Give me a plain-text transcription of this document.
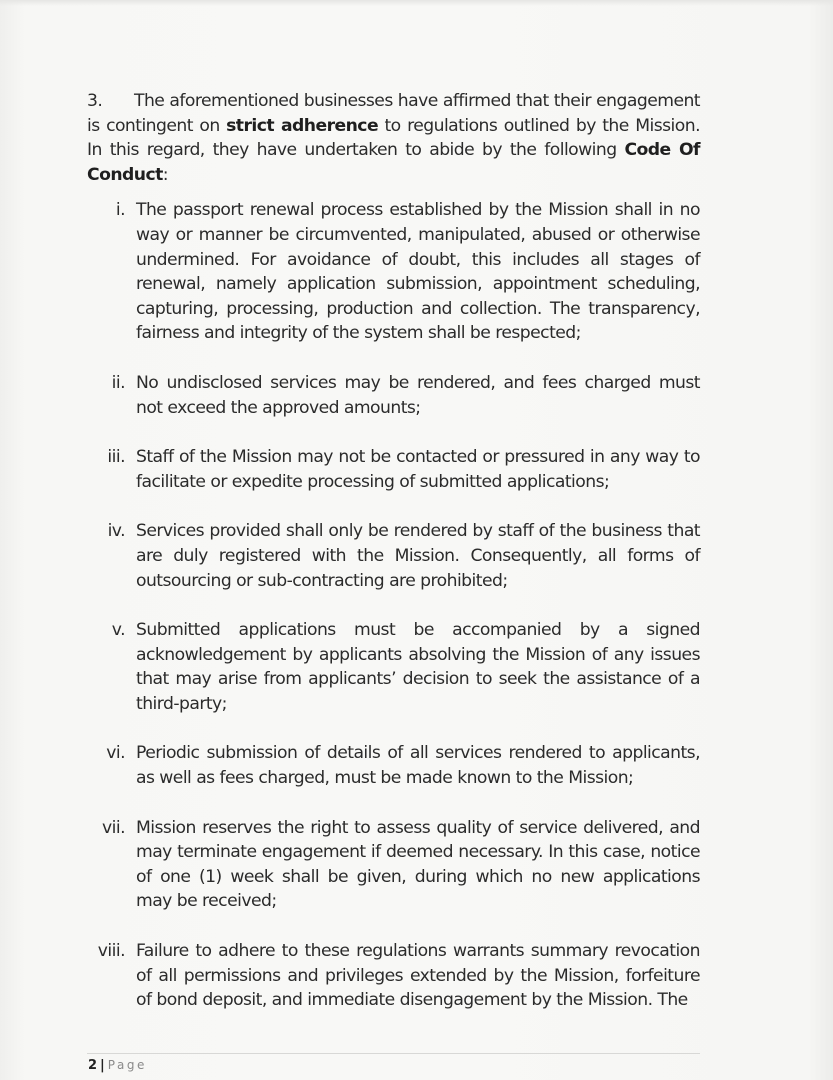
3. The aforementioned businesses have affirmed that their engagement is contingent on strict adherence to regulations outlined by the Mission. In this regard, they have undertaken to abide by the following Code Of Conduct:

i. The passport renewal process established by the Mission shall in no way or manner be circumvented, manipulated, abused or otherwise undermined. For avoidance of doubt, this includes all stages of renewal, namely application submission, appointment scheduling, capturing, processing, production and collection. The transparency, fairness and integrity of the system shall be respected;
ii. No undisclosed services may be rendered, and fees charged must not exceed the approved amounts;
iii. Staff of the Mission may not be contacted or pressured in any way to facilitate or expedite processing of submitted applications;
iv. Services provided shall only be rendered by staff of the business that are duly registered with the Mission. Consequently, all forms of outsourcing or sub-contracting are prohibited;
v. Submitted applications must be accompanied by a signed acknowledgement by applicants absolving the Mission of any issues that may arise from applicants’ decision to seek the assistance of a third-party;
vi. Periodic submission of details of all services rendered to applicants, as well as fees charged, must be made known to the Mission;
vii. Mission reserves the right to assess quality of service delivered, and may terminate engagement if deemed necessary. In this case, notice of one (1) week shall be given, during which no new applications may be received;
viii. Failure to adhere to these regulations warrants summary revocation of all permissions and privileges extended by the Mission, forfeiture of bond deposit, and immediate disengagement by the Mission. The
2 | Page
